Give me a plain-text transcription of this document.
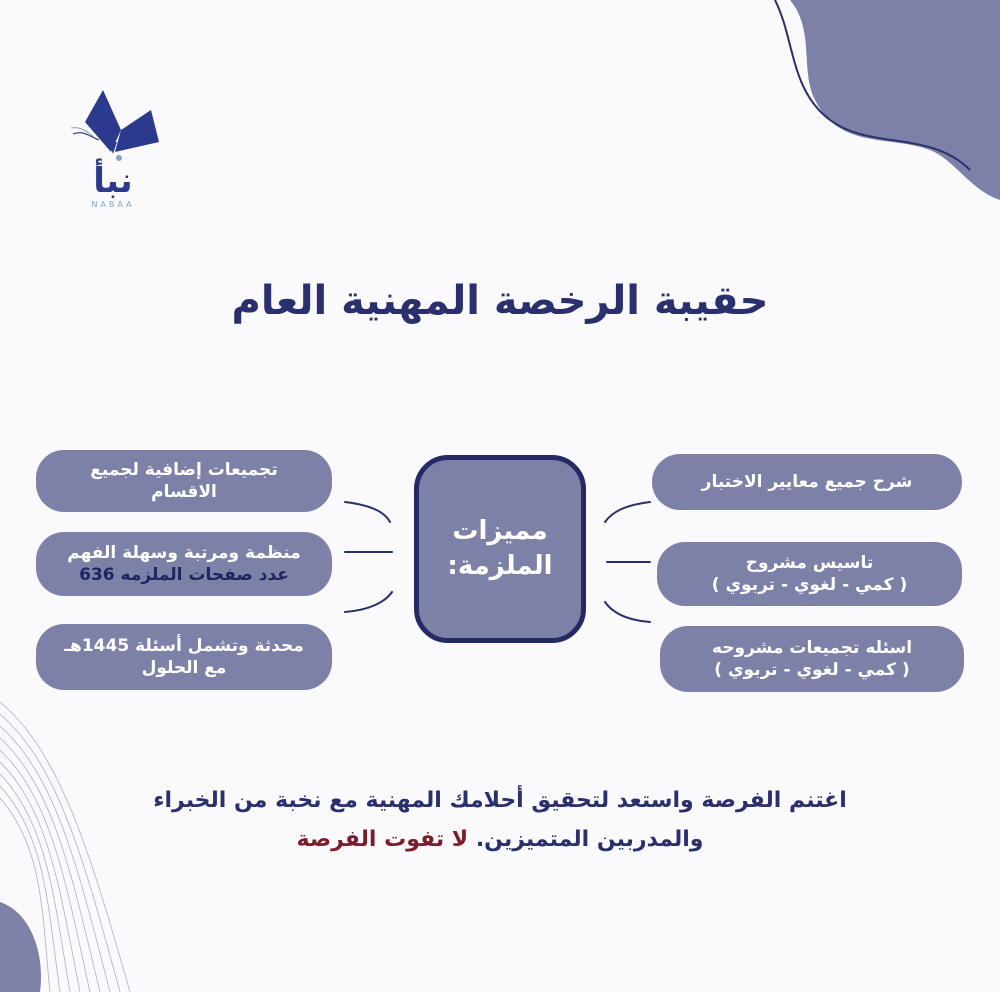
نبأ
NABAA
حقيبة الرخصة المهنية العام
تجميعات إضافية لجميع
الاقسام
منظمة ومرتبة وسهلة الفهم
عدد صفحات الملزمه 636
محدثة وتشمل أسئلة 1445هـ
مع الحلول
مميزات
الملزمة:
شرح جميع معايير الاختبار
تاسيس مشروح
( كمي - لغوي - تربوي )
اسئله تجميعات مشروحه
( كمي - لغوي - تربوي )
اغتنم الفرصة واستعد لتحقيق أحلامك المهنية مع نخبة من الخبراء
والمدربين المتميزين. لا تفوت الفرصة
